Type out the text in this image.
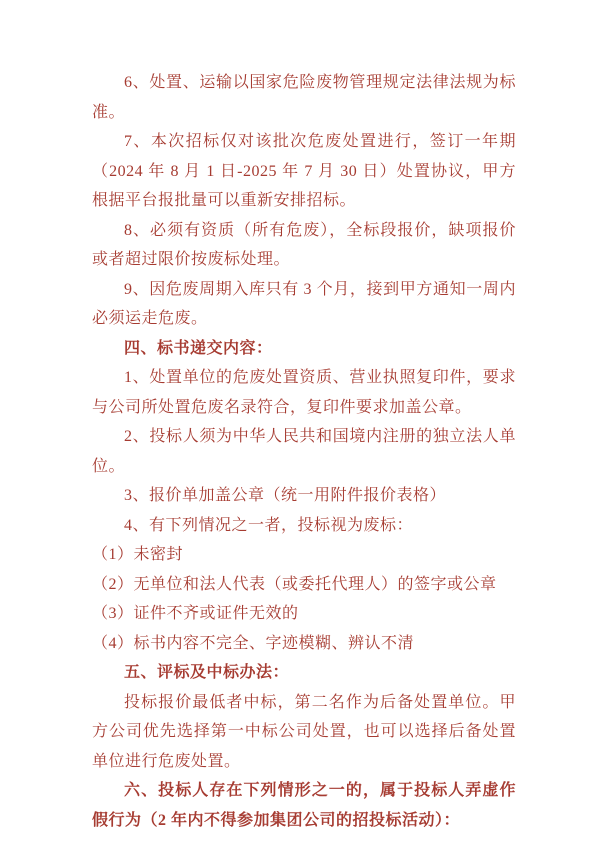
6、处置、运输以国家危险废物管理规定法律法规为标准。

7、本次招标仅对该批次危废处置进行，签订一年期（2024 年 8 月 1 日-2025 年 7 月 30 日）处置协议，甲方根据平台报批量可以重新安排招标。

8、必须有资质（所有危废），全标段报价，缺项报价或者超过限价按废标处理。

9、因危废周期入库只有 3 个月，接到甲方通知一周内必须运走危废。

四、标书递交内容：

1、处置单位的危废处置资质、营业执照复印件，要求与公司所处置危废名录符合，复印件要求加盖公章。

2、投标人须为中华人民共和国境内注册的独立法人单位。

3、报价单加盖公章（统一用附件报价表格）

4、有下列情况之一者，投标视为废标：

（1）未密封

（2）无单位和法人代表（或委托代理人）的签字或公章

（3）证件不齐或证件无效的

（4）标书内容不完全、字迹模糊、辨认不清

五、评标及中标办法：

投标报价最低者中标，第二名作为后备处置单位。甲方公司优先选择第一中标公司处置，也可以选择后备处置单位进行危废处置。

六、投标人存在下列情形之一的，属于投标人弄虚作假行为（2 年内不得参加集团公司的招投标活动）：
